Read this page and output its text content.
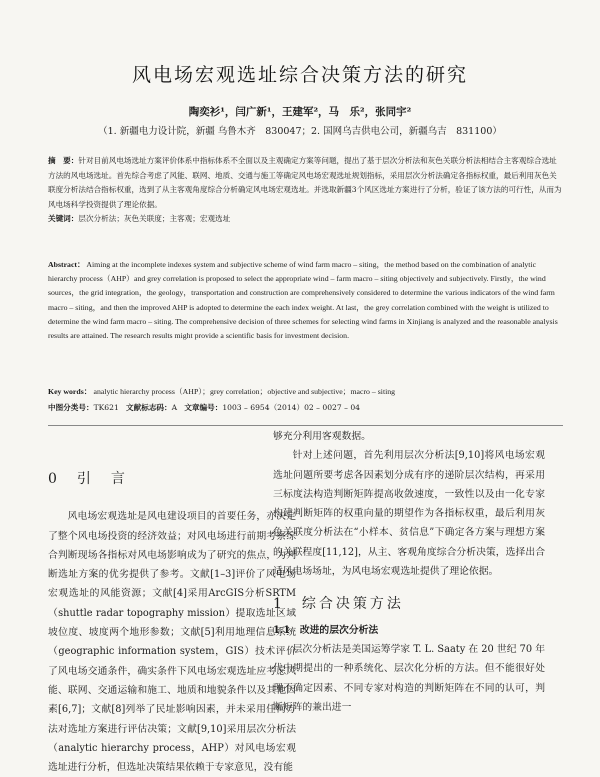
风电场宏观选址综合决策方法的研究
陶奕衫¹，闫广新¹，王建军²，马　乐²，张同宇²
（1. 新疆电力设计院，新疆 乌鲁木齐　830047；2. 国网乌吉供电公司，新疆乌吉　831100）
摘　要：针对目前风电场选址方案评价体系中指标体系不全面以及主观确定方案等问题，提出了基于层次分析法和灰色关联分析法相结合主客观综合选址方法的风电场选址。首先综合考虑了风能、联网、地质、交通与施工等确定风电场宏观选址规划指标，采用层次分析法确定各指标权重，最后利用灰色关联度分析法结合指标权重，选到了从主客观角度综合分析确定风电场宏观选址。并选取新疆3个风区选址方案进行了分析，验证了该方法的可行性，从而为风电场科学投资提供了理论依据。
关键词：层次分析法；灰色关联度；主客观；宏观选址
Abstract： Aiming at the incomplete indexes system and subjective scheme of wind farm macro – siting，the method based on the combination of analytic hierarchy process（AHP）and grey correlation is proposed to select the appropriate wind – farm macro – siting objectively and subjectively. Firstly，the wind sources，the grid integration，the geology，transportation and construction are comprehensively considered to determine the various indicators of the wind farm macro – siting，and then the improved AHP is adopted to determine the each index weight. At last，the grey correlation combined with the weight is utilized to determine the wind farm macro – siting. The comprehensive decision of three schemes for selecting wind farms in Xinjiang is analyzed and the reasonable analysis results are attained. The research results might provide a scientific basis for investment decision.
Key words： analytic hierarchy process（AHP）；grey correlation；objective and subjective；macro – siting
中图分类号：TK621 文献标志码：A 文章编号：1003 – 6954（2014）02 – 0027 – 04
0　引　言

风电场宏观选址是风电建设项目的首要任务，亦决定了整个风电场投资的经济效益；对风电场进行前期考察综合判断现场各指标对风电场影响成为了研究的焦点，为判断选址方案的优劣提供了参考。文献[1–3]评价了风电场宏观选址的风能资源；文献[4]采用ArcGIS分析SRTM（shuttle radar topography mission）提取选址区域坡位度、坡度两个地形参数；文献[5]利用地理信息系统（geographic information system，GIS）技术评价了风电场交通条件，确实条件下风电场宏观选址应考虑风能、联网、交通运输和施工、地质和地貌条件以及其他因素[6,7]；文献[8]列举了民址影响因素，并未采用任何方法对选址方案进行评估决策；文献[9,10]采用层次分析法（analytic hierarchy process，AHP）对风电场宏观选址进行分析，但选址决策结果依赖于专家意见，没有能

够充分利用客观数据。

针对上述问题，首先利用层次分析法[9,10]将风电场宏观选址问题所要考虑各因素划分成有序的递阶层次结构，再采用三标度法构造判断矩阵提高收敛速度，一致性以及由一化专家构建判断矩阵的权重向量的期望作为各指标权重，最后利用灰色关联度分析法在“小样本、贫信息”下确定各方案与理想方案的关联程度[11,12]，从主、客观角度综合分析决策，选择出合适风电场场址，为风电场宏观选址提供了理论依据。

1　综合决策方法
1.1　改进的层次分析法

层次分析法是美国运筹学家 T. L. Saaty 在 20 世纪 70 年代中期提出的一种系统化、层次化分析的方法。但不能很好处理不确定因素、不同专家对构造的判断矩阵在不同的认可，判断矩阵的兼出进一
